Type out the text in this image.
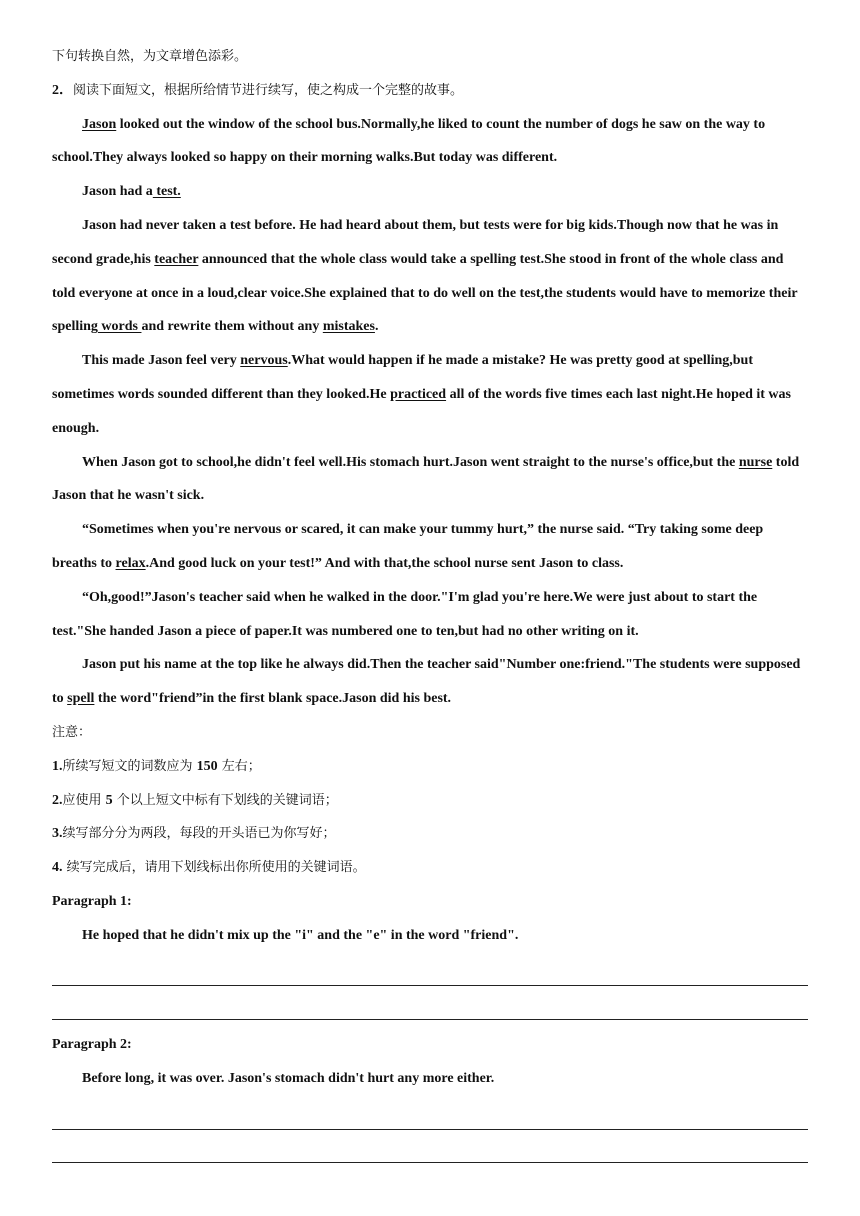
下句转换自然，为文章增色添彩。

2．阅读下面短文，根据所给情节进行续写，使之构成一个完整的故事。

Jason looked out the window of the school bus.Normally,he liked to count the number of dogs he saw on the way to school.They always looked so happy on their morning walks.But today was different.

Jason had a test.

Jason had never taken a test before. He had heard about them, but tests were for big kids.Though now that he was in second grade,his teacher announced that the whole class would take a spelling test.She stood in front of the whole class and told everyone at once in a loud,clear voice.She explained that to do well on the test,the students would have to memorize their spelling words and rewrite them without any mistakes.

This made Jason feel very nervous.What would happen if he made a mistake? He was pretty good at spelling,but sometimes words sounded different than they looked.He practiced all of the words five times each last night.He hoped it was enough.

When Jason got to school,he didn't feel well.His stomach hurt.Jason went straight to the nurse's office,but the nurse told Jason that he wasn't sick.

“Sometimes when you're nervous or scared, it can make your tummy hurt,” the nurse said. “Try taking some deep breaths to relax.And good luck on your test!” And with that,the school nurse sent Jason to class.

“Oh,good!”Jason's teacher said when he walked in the door."I'm glad you're here.We were just about to start the test."She handed Jason a piece of paper.It was numbered one to ten,but had no other writing on it.

Jason put his name at the top like he always did.Then the teacher said"Number one:friend."The students were supposed to spell the word"friend”in the first blank space.Jason did his best.

注意：

1.所续写短文的词数应为 150 左右；

2.应使用 5 个以上短文中标有下划线的关键词语；

3.续写部分分为两段，每段的开头语已为你写好；

4. 续写完成后，请用下划线标出你所使用的关键词语。

Paragraph 1:

He hoped that he didn't mix up the "i" and the "e" in the word "friend".

Paragraph 2:

Before long, it was over. Jason's stomach didn't hurt any more either.
